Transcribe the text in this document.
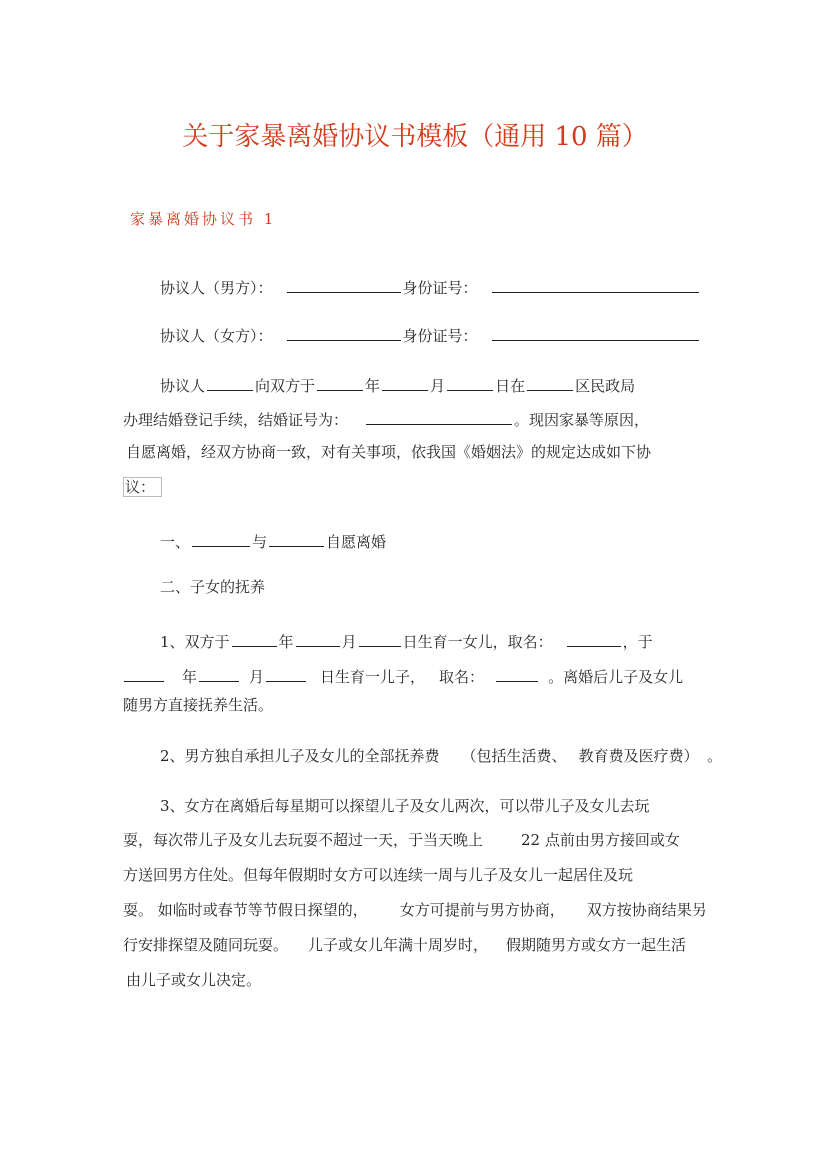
关于家暴离婚协议书模板（通用 10 篇）
家暴离婚协议书 1
协议人（男方）：	身份证号：
协议人（女方）：	身份证号：
协议人	向双方于	年	月	日在	区民政局
办理结婚登记手续，结婚证号为：	。现因家暴等原因，
自愿离婚，经双方协商一致，对有关事项，依我国《婚姻法》的规定达成如下协
议：
一、	与	自愿离婚
二、子女的抚养
1、双方于	年	月	日生育一女儿，取名：	，于
年	月	日生育一儿子， 取名：	。离婚后儿子及女儿
随男方直接抚养生活。
2、男方独自承担儿子及女儿的全部抚养费 （包括生活费、 教育费及医疗费） 。
3、女方在离婚后每星期可以探望儿子及女儿两次，可以带儿子及女儿去玩
耍，每次带儿子及女儿去玩耍不超过一天，于当天晚上	22 点前由男方接回或女
方送回男方住处。但每年假期时女方可以连续一周与儿子及女儿一起居住及玩
耍。 如临时或春节等节假日探望的， 女方可提前与男方协商， 双方按协商结果另
行安排探望及随同玩耍。 儿子或女儿年满十周岁时， 假期随男方或女方一起生活
由儿子或女儿决定。
